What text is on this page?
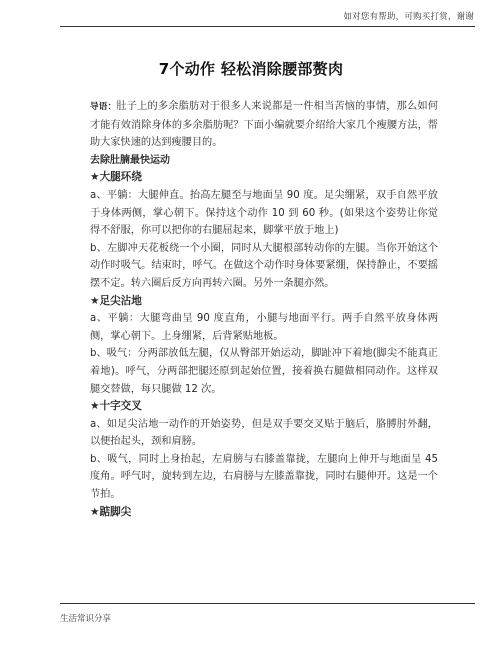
如对您有帮助，可购买打赏，谢谢
7个动作 轻松消除腰部赘肉

导语：肚子上的多余脂肪对于很多人来说都是一件相当苦恼的事情，那么如何才能有效消除身体的多余脂肪呢？下面小编就要介绍给大家几个瘦腰方法，帮助大家快速的达到瘦腰目的。

去除肚腩最快运动

★大腿环绕

a、平躺：大腿伸直。抬高左腿至与地面呈 90 度。足尖绷紧，双手自然平放于身体两侧，掌心朝下。保持这个动作 10 到 60 秒。(如果这个姿势让你觉得不舒服，你可以把你的右腿屈起来，脚掌平放于地上)

b、左脚冲天花板绕一个小圈，同时从大腿根部转动你的左腿。当你开始这个动作时吸气。结束时，呼气。在做这个动作时身体要紧绷，保持静止，不要摇摆不定。转六圈后反方向再转六圈。另外一条腿亦然。

★足尖沾地

a、平躺：大腿弯曲呈 90 度直角，小腿与地面平行。两手自然平放身体两侧，掌心朝下。上身绷紧，后背紧贴地板。

b、吸气：分两部放低左腿，仅从臀部开始运动，脚趾冲下着地(脚尖不能真正着地)。呼气，分两部把腿还原到起始位置，接着换右腿做相同动作。这样双腿交替做，每只腿做 12 次。

★十字交叉

a、如足尖沾地一动作的开始姿势，但是双手要交叉贴于脑后，胳膊肘外翻，以便抬起头，颈和肩膀。

b、吸气，同时上身抬起，左肩膀与右膝盖靠拢，左腿向上伸开与地面呈 45 度角。呼气时，旋转到左边，右肩膀与左膝盖靠拢，同时右腿伸开。这是一个节拍。

★踮脚尖

生活常识分享
